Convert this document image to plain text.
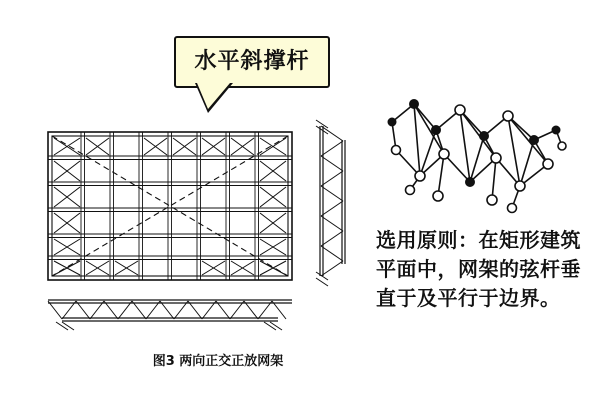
水平斜撑杆
选用原则：在矩形建筑平面中，网架的弦杆垂直于及平行于边界。
图3 两向正交正放网架
